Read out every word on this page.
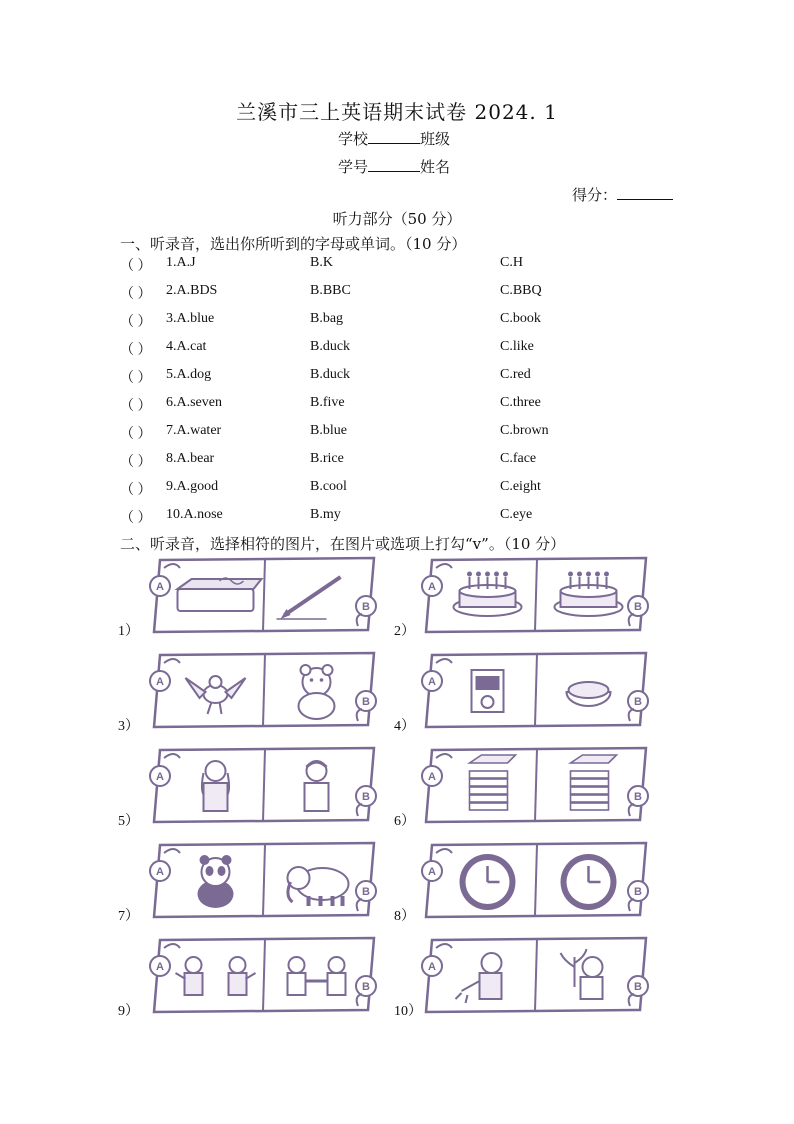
兰溪市三上英语期末试卷 2024. 1
学校	班级
学号	姓名
得分：
听力部分（50 分）
一、听录音，选出你所听到的字母或单词。（10 分）
（ ） 1.A.J	B.K	C.H
（ ） 2.A.BDS	B.BBC	C.BBQ
（ ） 3.A.blue	B.bag	C.book
（ ） 4.A.cat	B.duck	C.like
（ ） 5.A.dog	B.duck	C.red
（ ） 6.A.seven	B.five	C.three
（ ） 7.A.water	B.blue	C.brown
（ ） 8.A.bear	B.rice	C.face
（ ） 9.A.good	B.cool	C.eight
（ ） 10.A.nose	B.my	C.eye
二、听录音，选择相符的图片，在图片或选项上打勾“v”。（10 分）
1）
A
B
2）
A
B
3）
A
B
4）
A
B
5）
A
B
6）
A
B
7）
A
B
8）
A
B
9）
A
B
10）
A
B
